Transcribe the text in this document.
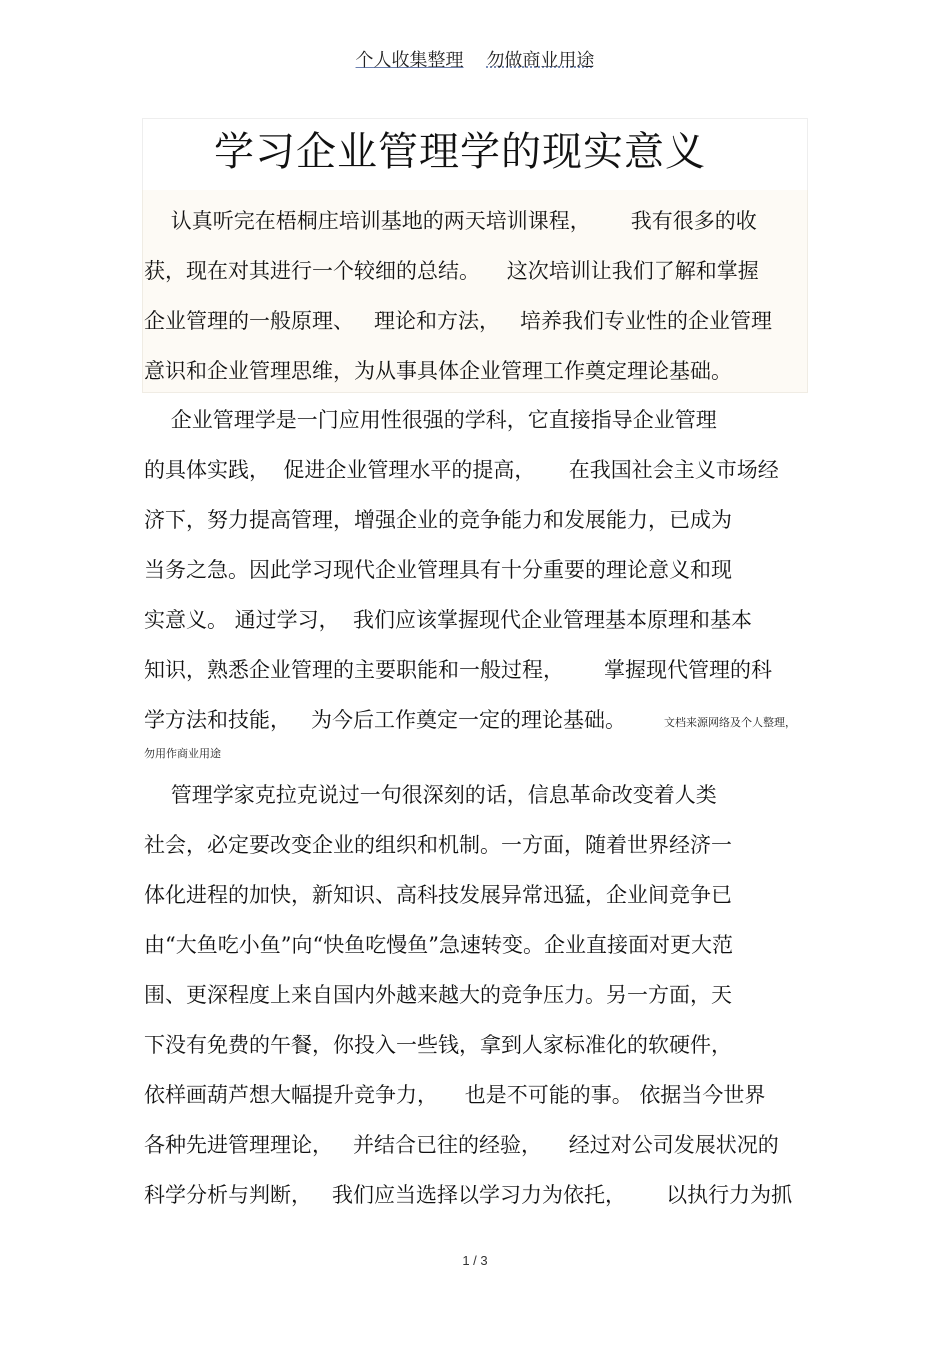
个人收集整理 勿做商业用途
学习企业管理学的现实意义
认真听完在梧桐庄培训基地的两天培训课程，      我有很多的收
获，现在对其进行一个较细的总结。    这次培训让我们了解和掌握
企业管理的一般原理、   理论和方法，   培养我们专业性的企业管理
意识和企业管理思维，为从事具体企业管理工作奠定理论基础。
企业管理学是一门应用性很强的学科，它直接指导企业管理
的具体实践，  促进企业管理水平的提高，     在我国社会主义市场经
济下，努力提高管理，增强企业的竞争能力和发展能力，已成为
当务之急。因此学习现代企业管理具有十分重要的理论意义和现
实意义。 通过学习，  我们应该掌握现代企业管理基本原理和基本
知识，熟悉企业管理的主要职能和一般过程，      掌握现代管理的科
学方法和技能，   为今后工作奠定一定的理论基础。	文档来源网络及个人整理，
勿用作商业用途
管理学家克拉克说过一句很深刻的话，信息革命改变着人类
社会，必定要改变企业的组织和机制。一方面，随着世界经济一
体化进程的加快，新知识、高科技发展异常迅猛，企业间竞争已
由“大鱼吃小鱼”向“快鱼吃慢鱼”急速转变。企业直接面对更大范
围、更深程度上来自国内外越来越大的竞争压力。另一方面，天
下没有免费的午餐，你投入一些钱，拿到人家标准化的软硬件，
依样画葫芦想大幅提升竞争力，    也是不可能的事。 依据当今世界
各种先进管理理论，   并结合已往的经验，    经过对公司发展状况的
科学分析与判断，   我们应当选择以学习力为依托，      以执行力为抓
1 / 3
